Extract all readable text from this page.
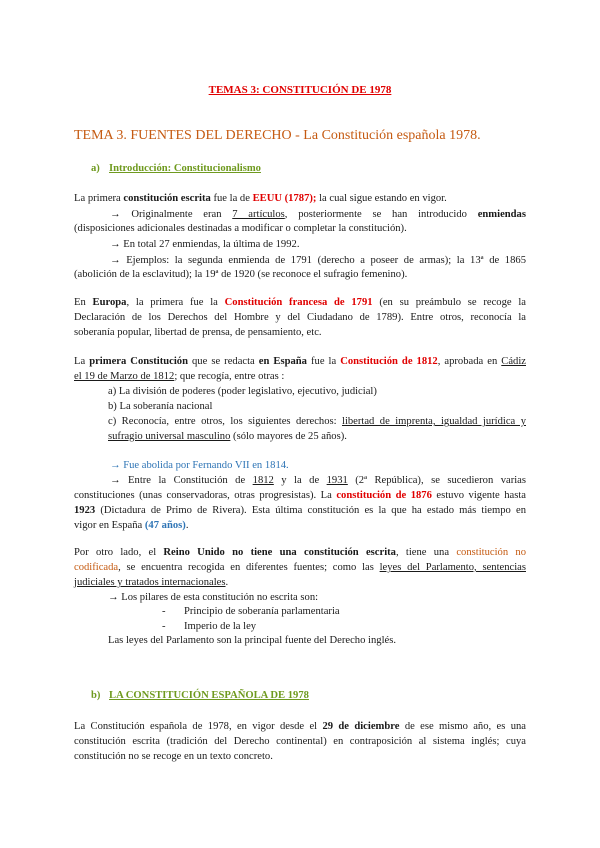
TEMAS 3: CONSTITUCIÓN DE 1978
TEMA 3. FUENTES DEL DERECHO - La Constitución española 1978.
a) Introducción: Constitucionalismo
La primera constitución escrita fue la de EEUU (1787); la cual sigue estando en vigor.
→ Originalmente eran 7 artículos, posteriormente se han introducido enmiendas
(disposiciones adicionales destinadas a modificar o completar la constitución).
→ En total 27 enmiendas, la última de 1992.
→ Ejemplos: la segunda enmienda de 1791 (derecho a poseer de armas); la 13ª de 1865
(abolición de la esclavitud); la 19ª de 1920 (se reconoce el sufragio femenino).
En Europa, la primera fue la Constitución francesa de 1791 (en su preámbulo se recoge la
Declaración de los Derechos del Hombre y del Ciudadano de 1789). Entre otros, reconocía la
soberanía popular, libertad de prensa, de pensamiento, etc.
La primera Constitución que se redacta en España fue la Constitución de 1812, aprobada en Cádiz
el 19 de Marzo de 1812; que recogía, entre otras :
a) La división de poderes (poder legislativo, ejecutivo, judicial)
b) La soberanía nacional
c) Reconocía, entre otros, los siguientes derechos: libertad de imprenta, igualdad jurídica y
sufragio universal masculino (sólo mayores de 25 años).
→ Fue abolida por Fernando VII en 1814.
→ Entre la Constitución de 1812 y la de 1931 (2ª República), se sucedieron varias
constituciones (unas conservadoras, otras progresistas). La constitución de 1876 estuvo vigente hasta
1923 (Dictadura de Primo de Rivera). Esta última constitución es la que ha estado más tiempo en
vigor en España (47 años).
Por otro lado, el Reino Unido no tiene una constitución escrita, tiene una constitución no
codificada, se encuentra recogida en diferentes fuentes; como las leyes del Parlamento, sentencias
judiciales y tratados internacionales.
→ Los pilares de esta constitución no escrita son:
- Principio de soberanía parlamentaria
- Imperio de la ley
Las leyes del Parlamento son la principal fuente del Derecho inglés.
b) LA CONSTITUCIÓN ESPAÑOLA DE 1978
La Constitución española de 1978, en vigor desde el 29 de diciembre de ese mismo año, es una
constitución escrita (tradición del Derecho continental) en contraposición al sistema inglés; cuya
constitución no se recoge en un texto concreto.
